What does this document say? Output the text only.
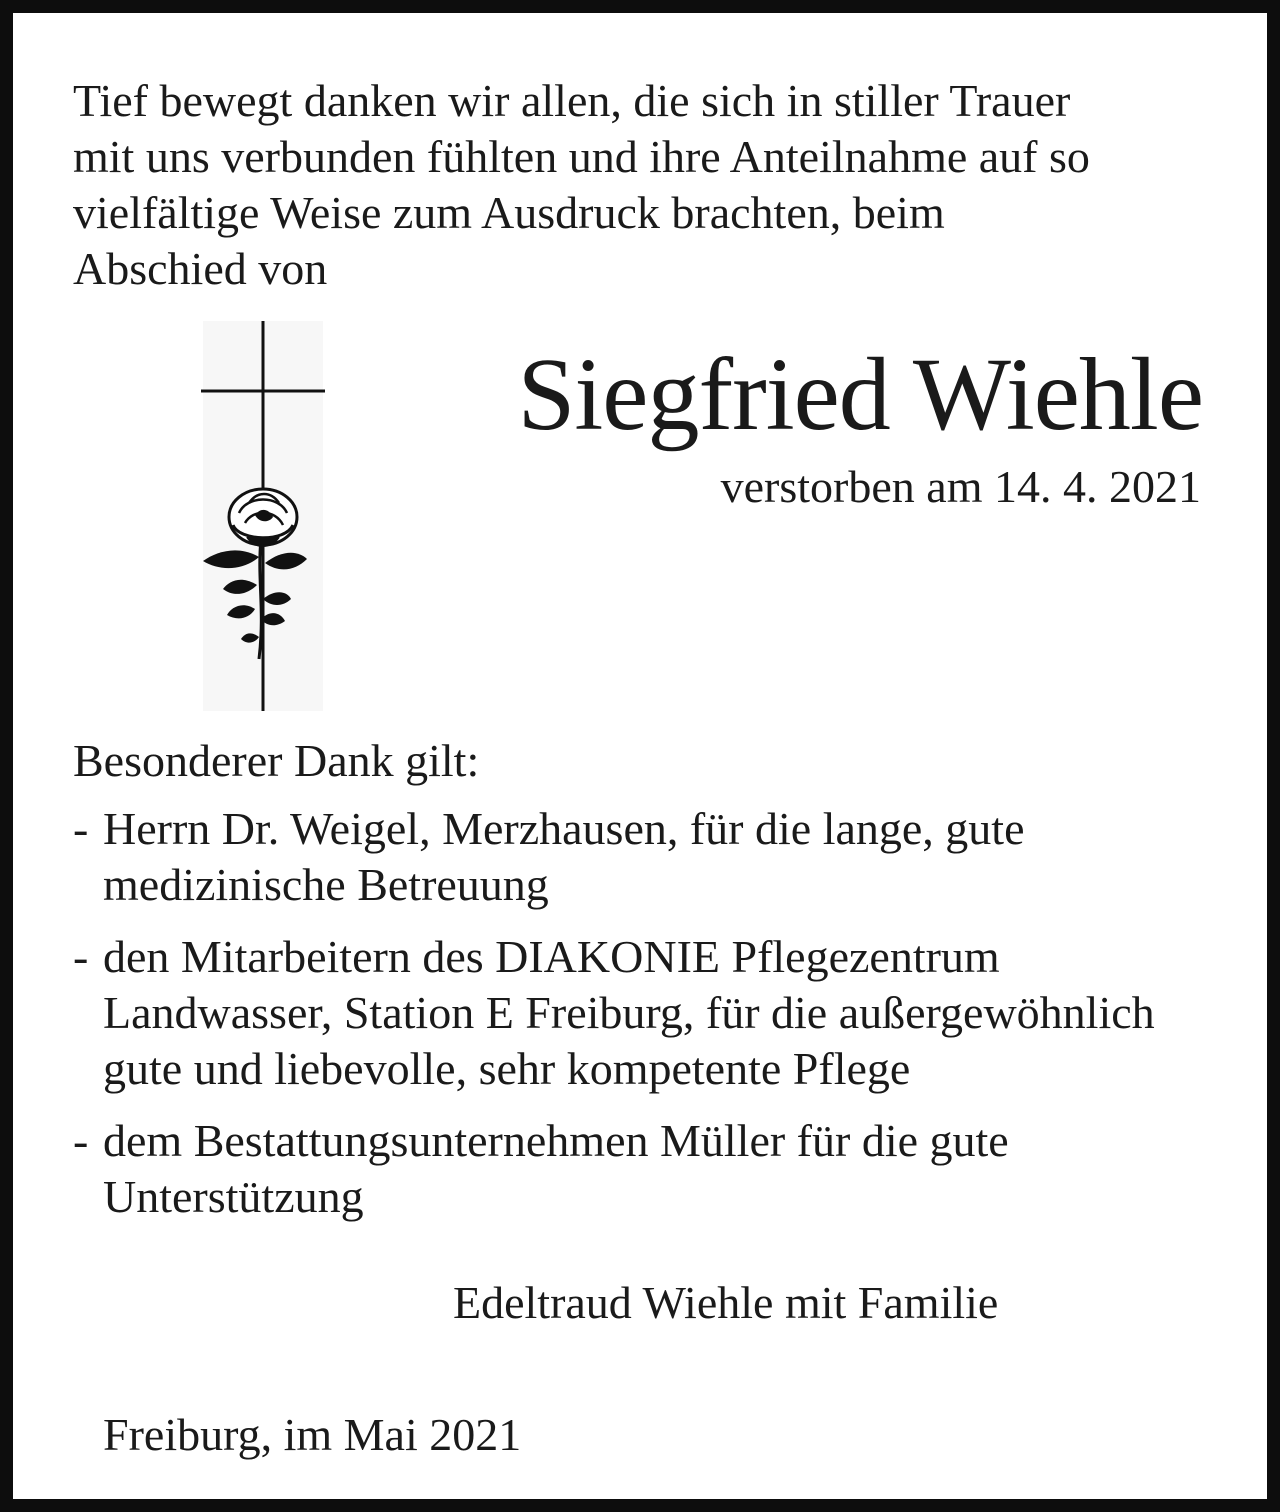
Tief bewegt danken wir allen, die sich in stiller Trauer
mit uns verbunden fühlten und ihre Anteilnahme auf so
vielfältige Weise zum Ausdruck brachten, beim
Abschied von

Siegfried Wiehle
verstorben am 14. 4. 2021
Besonderer Dank gilt:
- Herrn Dr. Weigel, Merzhausen, für die lange, gute
medizinische Betreuung
- den Mitarbeitern des DIAKONIE Pflegezentrum
Landwasser, Station E Freiburg, für die außergewöhnlich
gute und liebevolle, sehr kompetente Pflege
- dem Bestattungsunternehmen Müller für die gute
Unterstützung
Edeltraud Wiehle mit Familie
Freiburg, im Mai 2021
